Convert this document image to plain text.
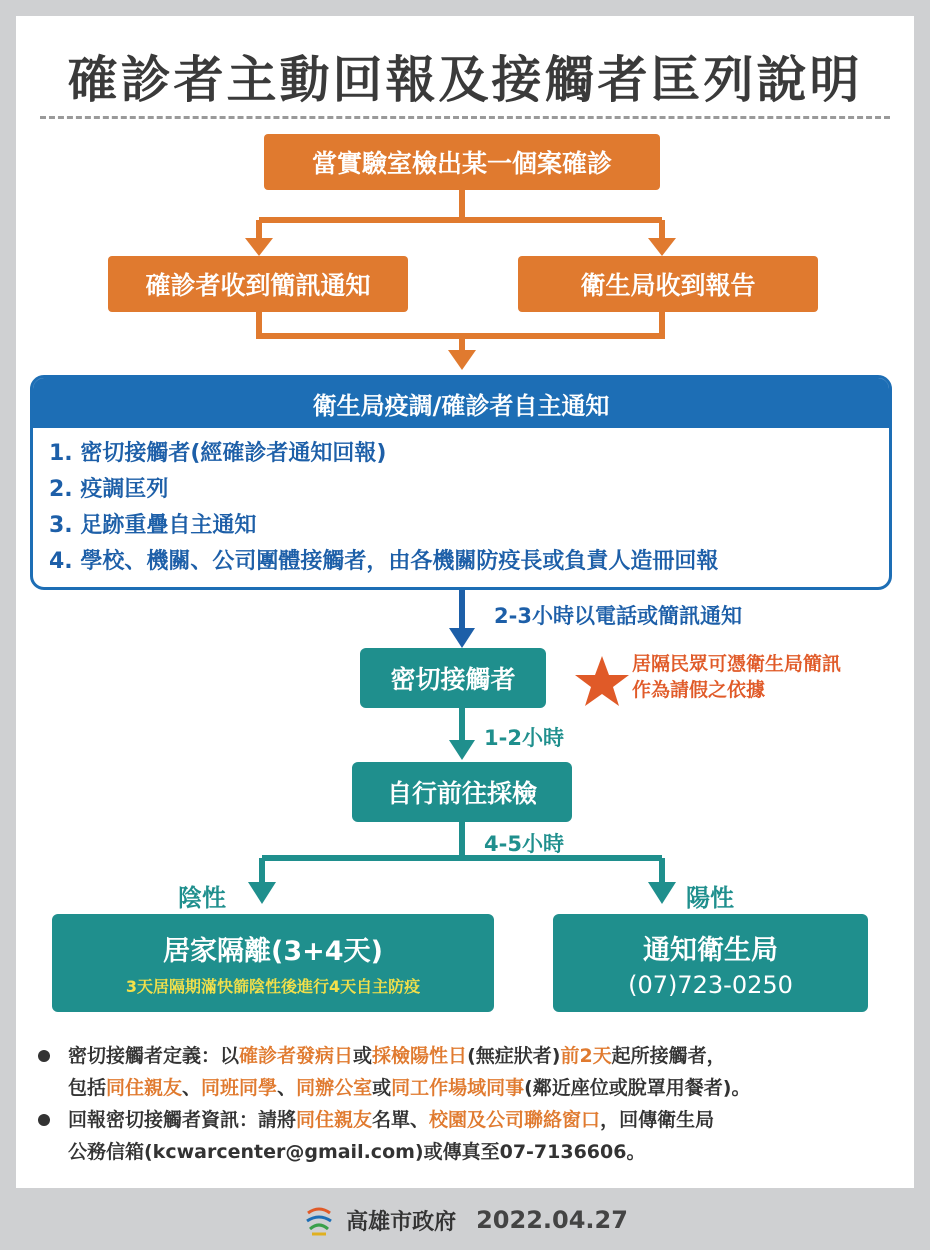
確診者主動回報及接觸者匡列說明
當實驗室檢出某一個案確診
確診者收到簡訊通知	衛生局收到報告
衛生局疫調/確診者自主通知
1. 密切接觸者(經確診者通知回報)
2. 疫調匡列
3. 足跡重疊自主通知
4. 學校、機關、公司團體接觸者，由各機關防疫長或負責人造冊回報
2-3小時以電話或簡訊通知
密切接觸者
居隔民眾可憑衛生局簡訊
作為請假之依據
1-2小時
自行前往採檢
4-5小時
陰性	陽性
居家隔離(3+4天)
3天居隔期滿快篩陰性後進行4天自主防疫
通知衛生局
(07)723-0250
密切接觸者定義：以確診者發病日或採檢陽性日(無症狀者)前2天起所接觸者，
包括同住親友、同班同學、同辦公室或同工作場域同事(鄰近座位或脫罩用餐者)。
回報密切接觸者資訊：請將同住親友名單、校園及公司聯絡窗口，回傳衛生局
公務信箱(kcwarcenter@gmail.com)或傳真至07-7136606。
高雄市政府 2022.04.27
